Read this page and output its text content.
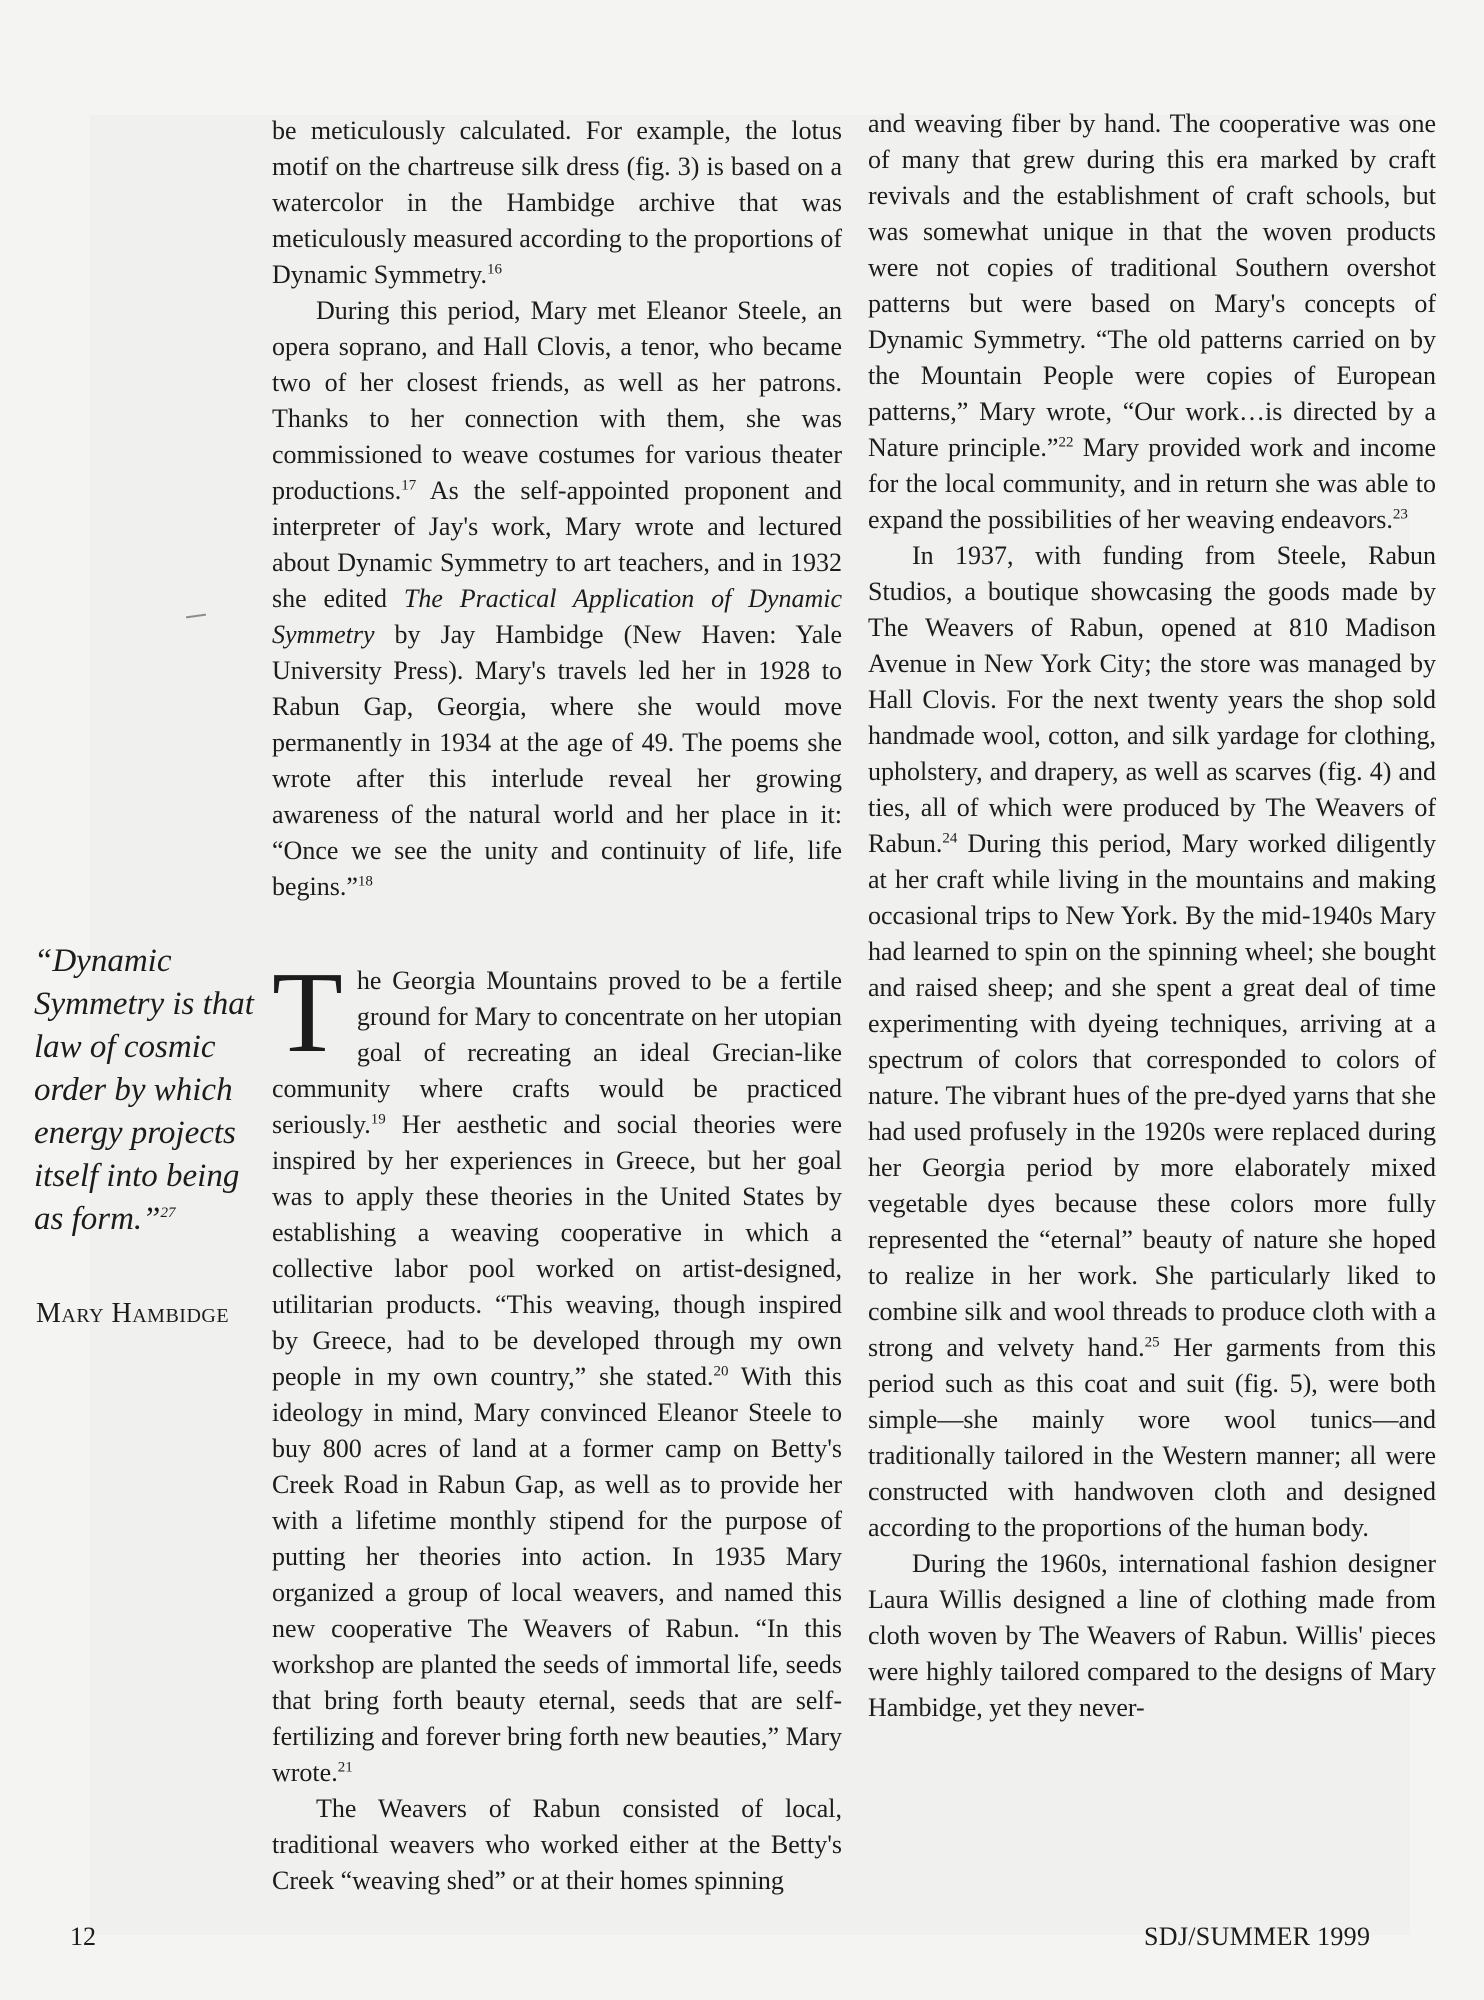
be meticulously calculated. For example, the lotus motif on the chartreuse silk dress (fig. 3) is based on a watercolor in the Hambidge archive that was meticulously measured according to the proportions of Dynamic Symmetry.$^{16}$

During this period, Mary met Eleanor Steele, an opera soprano, and Hall Clovis, a tenor, who became two of her closest friends, as well as her patrons. Thanks to her connection with them, she was commissioned to weave costumes for various theater productions.$^{17}$ As the self-appointed proponent and interpreter of Jay's work, Mary wrote and lectured about Dynamic Symmetry to art teachers, and in 1932 she edited The Practical Application of Dynamic Symmetry by Jay Hambidge (New Haven: Yale University Press). Mary's travels led her in 1928 to Rabun Gap, Georgia, where she would move permanently in 1934 at the age of 49. The poems she wrote after this interlude reveal her growing awareness of the natural world and her place in it: “Once we see the unity and continuity of life, life begins.”$^{18}$

The Georgia Mountains proved to be a fertile ground for Mary to concentrate on her utopian goal of recreating an ideal Grecian-like community where crafts would be practiced seriously.$^{19}$ Her aesthetic and social theories were inspired by her experiences in Greece, but her goal was to apply these theories in the United States by establishing a weaving cooperative in which a collective labor pool worked on artist-designed, utilitarian products. “This weaving, though inspired by Greece, had to be developed through my own people in my own country,” she stated.$^{20}$ With this ideology in mind, Mary convinced Eleanor Steele to buy 800 acres of land at a former camp on Betty's Creek Road in Rabun Gap, as well as to provide her with a lifetime monthly stipend for the purpose of putting her theories into action. In 1935 Mary organized a group of local weavers, and named this new cooperative The Weavers of Rabun. “In this workshop are planted the seeds of immortal life, seeds that bring forth beauty eternal, seeds that are self-fertilizing and forever bring forth new beauties,” Mary wrote.$^{21}$

The Weavers of Rabun consisted of local, traditional weavers who worked either at the Betty's Creek “weaving shed” or at their homes spinning

and weaving fiber by hand. The cooperative was one of many that grew during this era marked by craft revivals and the establishment of craft schools, but was somewhat unique in that the woven products were not copies of traditional Southern overshot patterns but were based on Mary's concepts of Dynamic Symmetry. “The old patterns carried on by the Mountain People were copies of European patterns,” Mary wrote, “Our work…is directed by a Nature principle.”$^{22}$ Mary provided work and income for the local community, and in return she was able to expand the possibilities of her weaving endeavors.$^{23}$

In 1937, with funding from Steele, Rabun Studios, a boutique showcasing the goods made by The Weavers of Rabun, opened at 810 Madison Avenue in New York City; the store was managed by Hall Clovis. For the next twenty years the shop sold handmade wool, cotton, and silk yardage for clothing, upholstery, and drapery, as well as scarves (fig. 4) and ties, all of which were produced by The Weavers of Rabun.$^{24}$ During this period, Mary worked diligently at her craft while living in the mountains and making occasional trips to New York. By the mid-1940s Mary had learned to spin on the spinning wheel; she bought and raised sheep; and she spent a great deal of time experimenting with dyeing techniques, arriving at a spectrum of colors that corresponded to colors of nature. The vibrant hues of the pre-dyed yarns that she had used profusely in the 1920s were replaced during her Georgia period by more elaborately mixed vegetable dyes because these colors more fully represented the “eternal” beauty of nature she hoped to realize in her work. She particularly liked to combine silk and wool threads to produce cloth with a strong and velvety hand.$^{25}$ Her garments from this period such as this coat and suit (fig. 5), were both simple—she mainly wore wool tunics—and traditionally tailored in the Western manner; all were constructed with handwoven cloth and designed according to the proportions of the human body.

During the 1960s, international fashion designer Laura Willis designed a line of clothing made from cloth woven by The Weavers of Rabun. Willis' pieces were highly tailored compared to the designs of Mary Hambidge, yet they never-

“Dynamic Symmetry is that law of cosmic order by which energy projects itself into being as form.”$^{27}$
Mary Hambidge
12	SDJ/SUMMER 1999
